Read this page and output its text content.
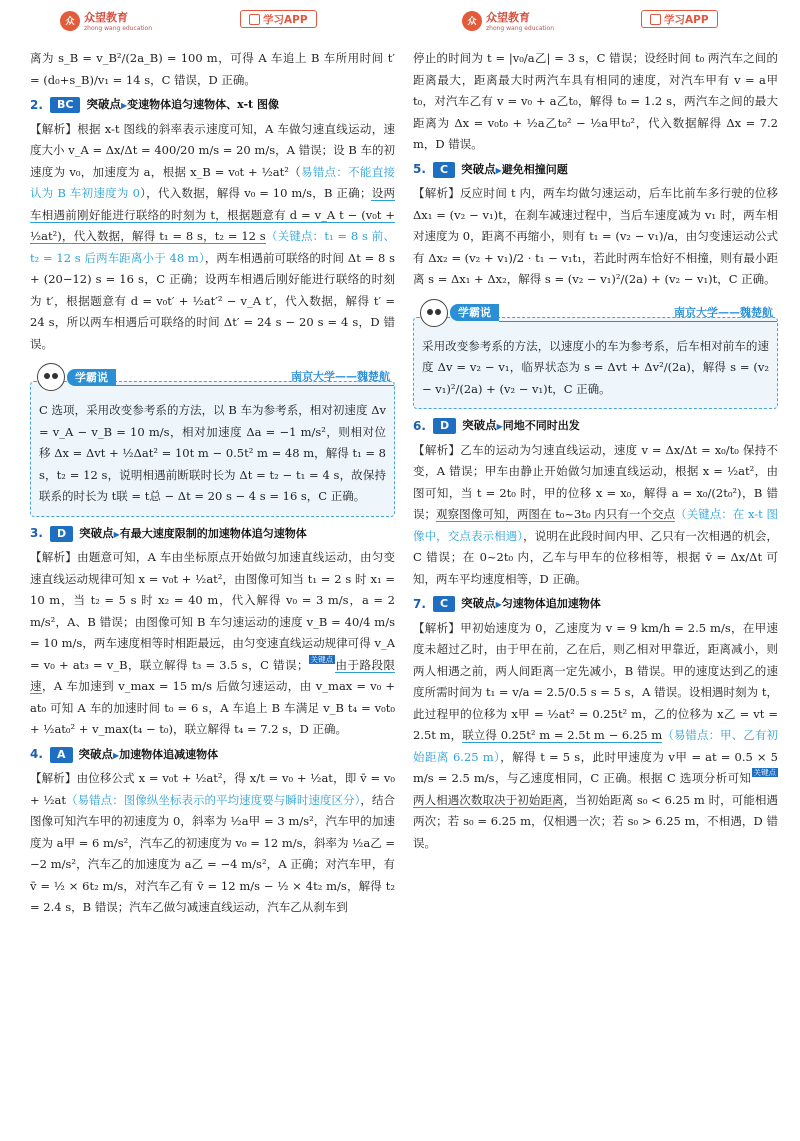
众 众望教育
zhong wang education
学习APP	众 众望教育
zhong wang education
学习APP

离为 s_B = v_B²/(2a_B) = 100 m，可得 A 车追上 B 车所用时间 t′ = (d₀+s_B)/v₁ = 14 s，C 错误，D 正确。

2.	BC	突破点▶变速物体追匀速物体、x-t 图像

【解析】根据 x-t 图线的斜率表示速度可知，A 车做匀速直线运动，速度大小 v_A = Δx/Δt = 400/20 m/s = 20 m/s，A 错误；设 B 车的初速度为 v₀，加速度为 a，根据 x_B = v₀t + ½at²（易错点：不能直接认为 B 车初速度为 0），代入数据，解得 v₀ = 10 m/s，B 正确；设两车相遇前刚好能进行联络的时刻为 t，根据题意有 d = v_A t − (v₀t + ½at²)，代入数据，解得 t₁ = 8 s，t₂ = 12 s（关键点：t₁ = 8 s 前、t₂ = 12 s 后两车距离小于 48 m），两车相遇前可联络的时间 Δt = 8 s + (20−12) s = 16 s，C 正确；设两车相遇后刚好能进行联络的时刻为 t′，根据题意有 d = v₀t′ + ½at′² − v_A t′，代入数据，解得 t′ = 24 s，所以两车相遇后可联络的时间 Δt′ = 24 s − 20 s = 4 s，D 错误。

学霸说	南京大学——魏楚航

C 选项，采用改变参考系的方法，以 B 车为参考系，相对初速度 Δv = v_A − v_B = 10 m/s，相对加速度 Δa = −1 m/s²，则相对位移 Δx = Δvt + ½Δat² = 10t m − 0.5t² m = 48 m，解得 t₁ = 8 s，t₂ = 12 s，说明相遇前断联时长为 Δt = t₂ − t₁ = 4 s，故保持联系的时长为 t联 = t总 − Δt = 20 s − 4 s = 16 s，C 正确。

3.	D	突破点▶有最大速度限制的加速物体追匀速物体

【解析】由题意可知，A 车由坐标原点开始做匀加速直线运动，由匀变速直线运动规律可知 x = v₀t + ½at²，由图像可知当 t₁ = 2 s 时 x₁ = 10 m，当 t₂ = 5 s 时 x₂ = 40 m，代入解得 v₀ = 3 m/s，a = 2 m/s²，A、B 错误；由图像可知 B 车匀速运动的速度 v_B = 40/4 m/s = 10 m/s，两车速度相等时相距最远，由匀变速直线运动规律可得 v_A = v₀ + at₃ = v_B，联立解得 t₃ = 3.5 s，C 错误； 关键点 由于路段限速，A 车加速到 v_max = 15 m/s 后做匀速运动，由 v_max = v₀ + at₀ 可知 A 车的加速时间 t₀ = 6 s，A 车追上 B 车满足 v_B t₄ = v₀t₀ + ½at₀² + v_max(t₄ − t₀)，联立解得 t₄ = 7.2 s，D 正确。

4.	A	突破点▶加速物体追减速物体

【解析】由位移公式 x = v₀t + ½at²，得 x/t = v₀ + ½at，即 v̄ = v₀ + ½at（易错点：图像纵坐标表示的平均速度要与瞬时速度区分），结合图像可知汽车甲的初速度为 0，斜率为 ½a甲 = 3 m/s²，汽车甲的加速度为 a甲 = 6 m/s²，汽车乙的初速度为 v₀ = 12 m/s，斜率为 ½a乙 = −2 m/s²，汽车乙的加速度为 a乙 = −4 m/s²，A 正确；对汽车甲，有 v̄ = ½ × 6t₂ m/s，对汽车乙有 v̄ = 12 m/s − ½ × 4t₂ m/s，解得 t₂ = 2.4 s，B 错误；汽车乙做匀减速直线运动，汽车乙从刹车到

停止的时间为 t = |v₀/a乙| = 3 s，C 错误；设经时间 t₀ 两汽车之间的距离最大，距离最大时两汽车具有相同的速度，对汽车甲有 v = a甲t₀，对汽车乙有 v = v₀ + a乙t₀，解得 t₀ = 1.2 s，两汽车之间的最大距离为 Δx = v₀t₀ + ½a乙t₀² − ½a甲t₀²，代入数据解得 Δx = 7.2 m，D 错误。

5.	C	突破点▶避免相撞问题

【解析】反应时间 t 内，两车均做匀速运动，后车比前车多行驶的位移 Δx₁ = (v₂ − v₁)t，在刹车减速过程中，当后车速度减为 v₁ 时，两车相对速度为 0，距离不再缩小，则有 t₁ = (v₂ − v₁)/a，由匀变速运动公式有 Δx₂ = (v₂ + v₁)/2 · t₁ − v₁t₁，若此时两车恰好不相撞，则有最小距离 s = Δx₁ + Δx₂，解得 s = (v₂ − v₁)²/(2a) + (v₂ − v₁)t，C 正确。

学霸说	南京大学——魏楚航

采用改变参考系的方法，以速度小的车为参考系，后车相对前车的速度 Δv = v₂ − v₁，临界状态为 s = Δvt + Δv²/(2a)，解得 s = (v₂ − v₁)²/(2a) + (v₂ − v₁)t，C 正确。

6.	D	突破点▶同地不同时出发

【解析】乙车的运动为匀速直线运动，速度 v = Δx/Δt = x₀/t₀ 保持不变，A 错误；甲车由静止开始做匀加速直线运动，根据 x = ½at²，由图可知，当 t = 2t₀ 时，甲的位移 x = x₀，解得 a = x₀/(2t₀²)，B 错误；观察图像可知，两图在 t₀~3t₀ 内只有一个交点（关键点：在 x-t 图像中，交点表示相遇），说明在此段时间内甲、乙只有一次相遇的机会，C 错误；在 0~2t₀ 内，乙车与甲车的位移相等，根据 v̄ = Δx/Δt 可知，两车平均速度相等，D 正确。

7.	C	突破点▶匀速物体追加速物体

【解析】甲初始速度为 0，乙速度为 v = 9 km/h = 2.5 m/s，在甲速度未超过乙时，由于甲在前，乙在后，则乙相对甲靠近，距离减小，则两人相遇之前，两人间距离一定先减小，B 错误。甲的速度达到乙的速度所需时间为 t₁ = v/a = 2.5/0.5 s = 5 s，A 错误。设相遇时刻为 t，此过程甲的位移为 x甲 = ½at² = 0.25t² m，乙的位移为 x乙 = vt = 2.5t m，联立得 0.25t² m = 2.5t m − 6.25 m（易错点：甲、乙有初始距离 6.25 m），解得 t = 5 s，此时甲速度为 v甲 = at = 0.5 × 5 m/s = 2.5 m/s，与乙速度相同，C 正确。根据 C 选项分析可知 关键点两人相遇次数取决于初始距离，当初始距离 s₀ < 6.25 m 时，可能相遇两次；若 s₀ = 6.25 m，仅相遇一次；若 s₀ > 6.25 m，不相遇，D 错误。
